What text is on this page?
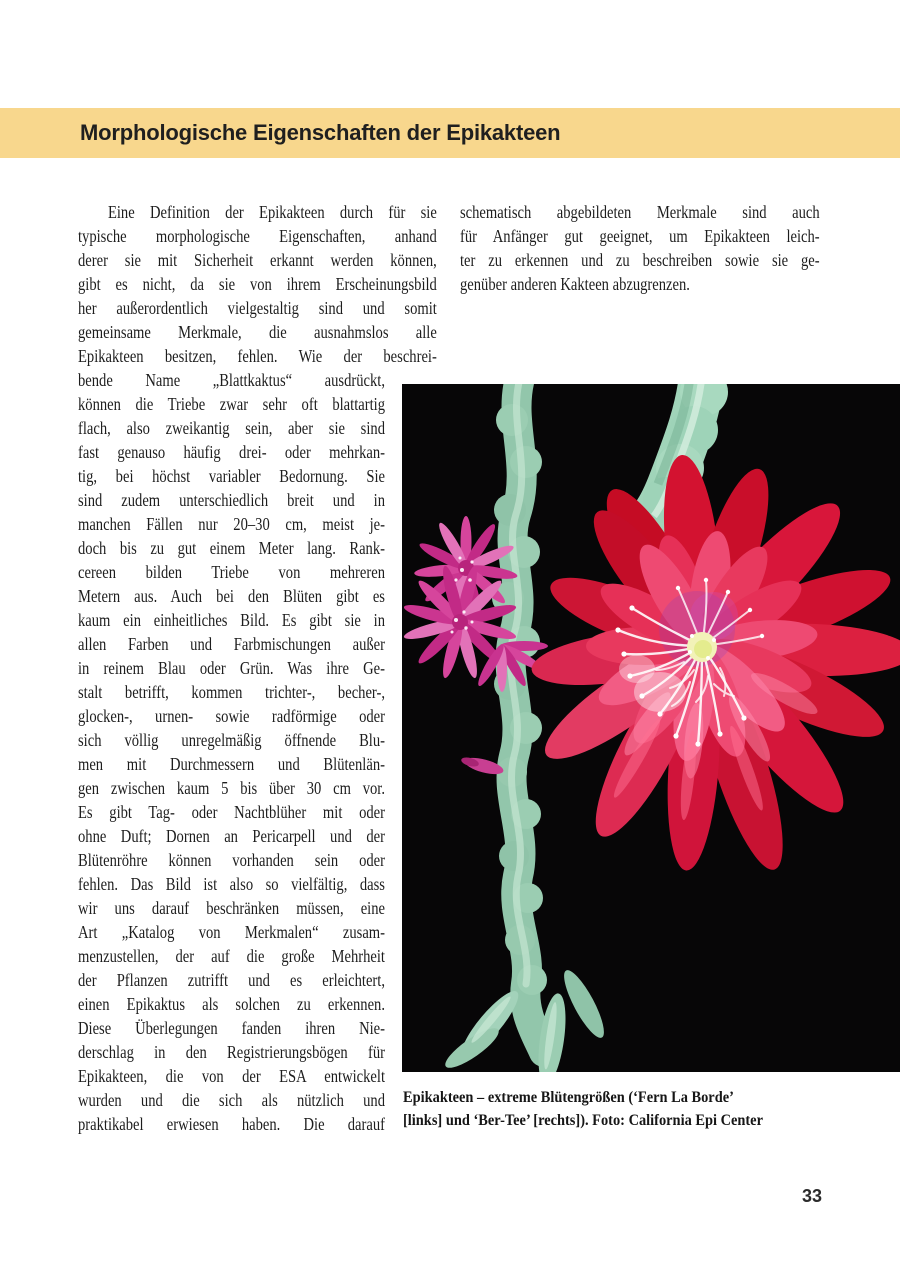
Morphologische Eigenschaften der Epikakteen
Eine Definition der Epikakteen durch für sie
typische morphologische Eigenschaften, anhand
derer sie mit Sicherheit erkannt werden können,
gibt es nicht, da sie von ihrem Erscheinungsbild
her außerordentlich vielgestaltig sind und somit
gemeinsame Merkmale, die ausnahmslos alle
Epikakteen besitzen, fehlen. Wie der beschrei-
bende Name „Blattkaktus“ ausdrückt,
können die Triebe zwar sehr oft blattartig
flach, also zweikantig sein, aber sie sind
fast genauso häufig drei- oder mehrkan-
tig, bei höchst variabler Bedornung. Sie
sind zudem unterschiedlich breit und in
manchen Fällen nur 20–30 cm, meist je-
doch bis zu gut einem Meter lang. Rank-
cereen bilden Triebe von mehreren
Metern aus. Auch bei den Blüten gibt es
kaum ein einheitliches Bild. Es gibt sie in
allen Farben und Farbmischungen außer
in reinem Blau oder Grün. Was ihre Ge-
stalt betrifft, kommen trichter-, becher-,
glocken-, urnen- sowie radförmige oder
sich völlig unregelmäßig öffnende Blu-
men mit Durchmessern und Blütenlän-
gen zwischen kaum 5 bis über 30 cm vor.
Es gibt Tag- oder Nachtblüher mit oder
ohne Duft; Dornen an Pericarpell und der
Blütenröhre können vorhanden sein oder
fehlen. Das Bild ist also so vielfältig, dass
wir uns darauf beschränken müssen, eine
Art „Katalog von Merkmalen“ zusam-
menzustellen, der auf die große Mehrheit
der Pflanzen zutrifft und es erleichtert,
einen Epikaktus als solchen zu erkennen.
Diese Überlegungen fanden ihren Nie-
derschlag in den Registrierungsbögen für
Epikakteen, die von der ESA entwickelt
wurden und die sich als nützlich und
praktikabel erwiesen haben. Die darauf
schematisch abgebildeten Merkmale sind auch
für Anfänger gut geeignet, um Epikakteen leich-
ter zu erkennen und zu beschreiben sowie sie ge-
genüber anderen Kakteen abzugrenzen.
Epikakteen – extreme Blütengrößen (‘Fern La Borde’
[links] und ‘Ber-Tee’ [rechts]). Foto: California Epi Center
33
